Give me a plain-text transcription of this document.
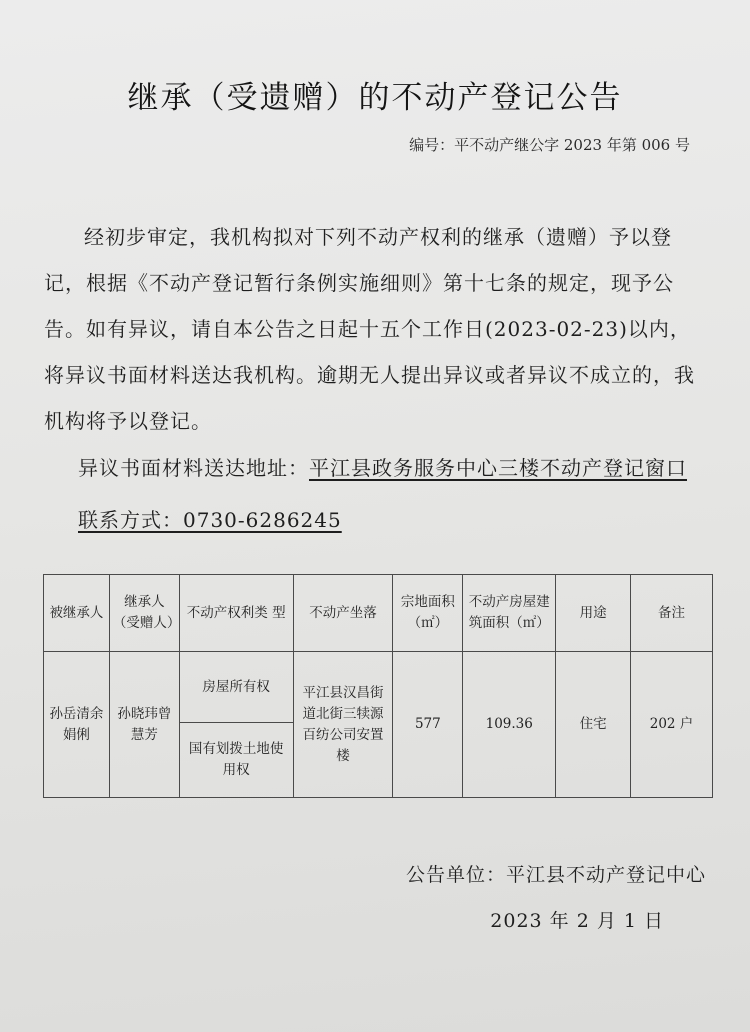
继承（受遗赠）的不动产登记公告
编号：平不动产继公字 2023 年第 006 号

经初步审定，我机构拟对下列不动产权利的继承（遗赠）予以登记，根据《不动产登记暂行条例实施细则》第十七条的规定，现予公告。如有异议，请自本公告之日起十五个工作日(2023-02-23)以内，将异议书面材料送达我机构。逾期无人提出异议或者异议不成立的，我机构将予以登记。

异议书面材料送达地址：平江县政务服务中心三楼不动产登记窗口
联系方式：0730-6286245
被继承人	继承人（受赠人）	不动产权利类 型	不动产坐落	宗地面积（㎡）	不动产房屋建筑面积（㎡）	用途	备注
孙岳清余娟俐	孙晓玮曾慧芳	房屋所有权	平江县汉昌街道北街三犊源百纺公司安置楼	577	109.36	住宅	202 户
		国有划拨土地使用权					
公告单位：平江县不动产登记中心
2023 年 2 月 1 日
